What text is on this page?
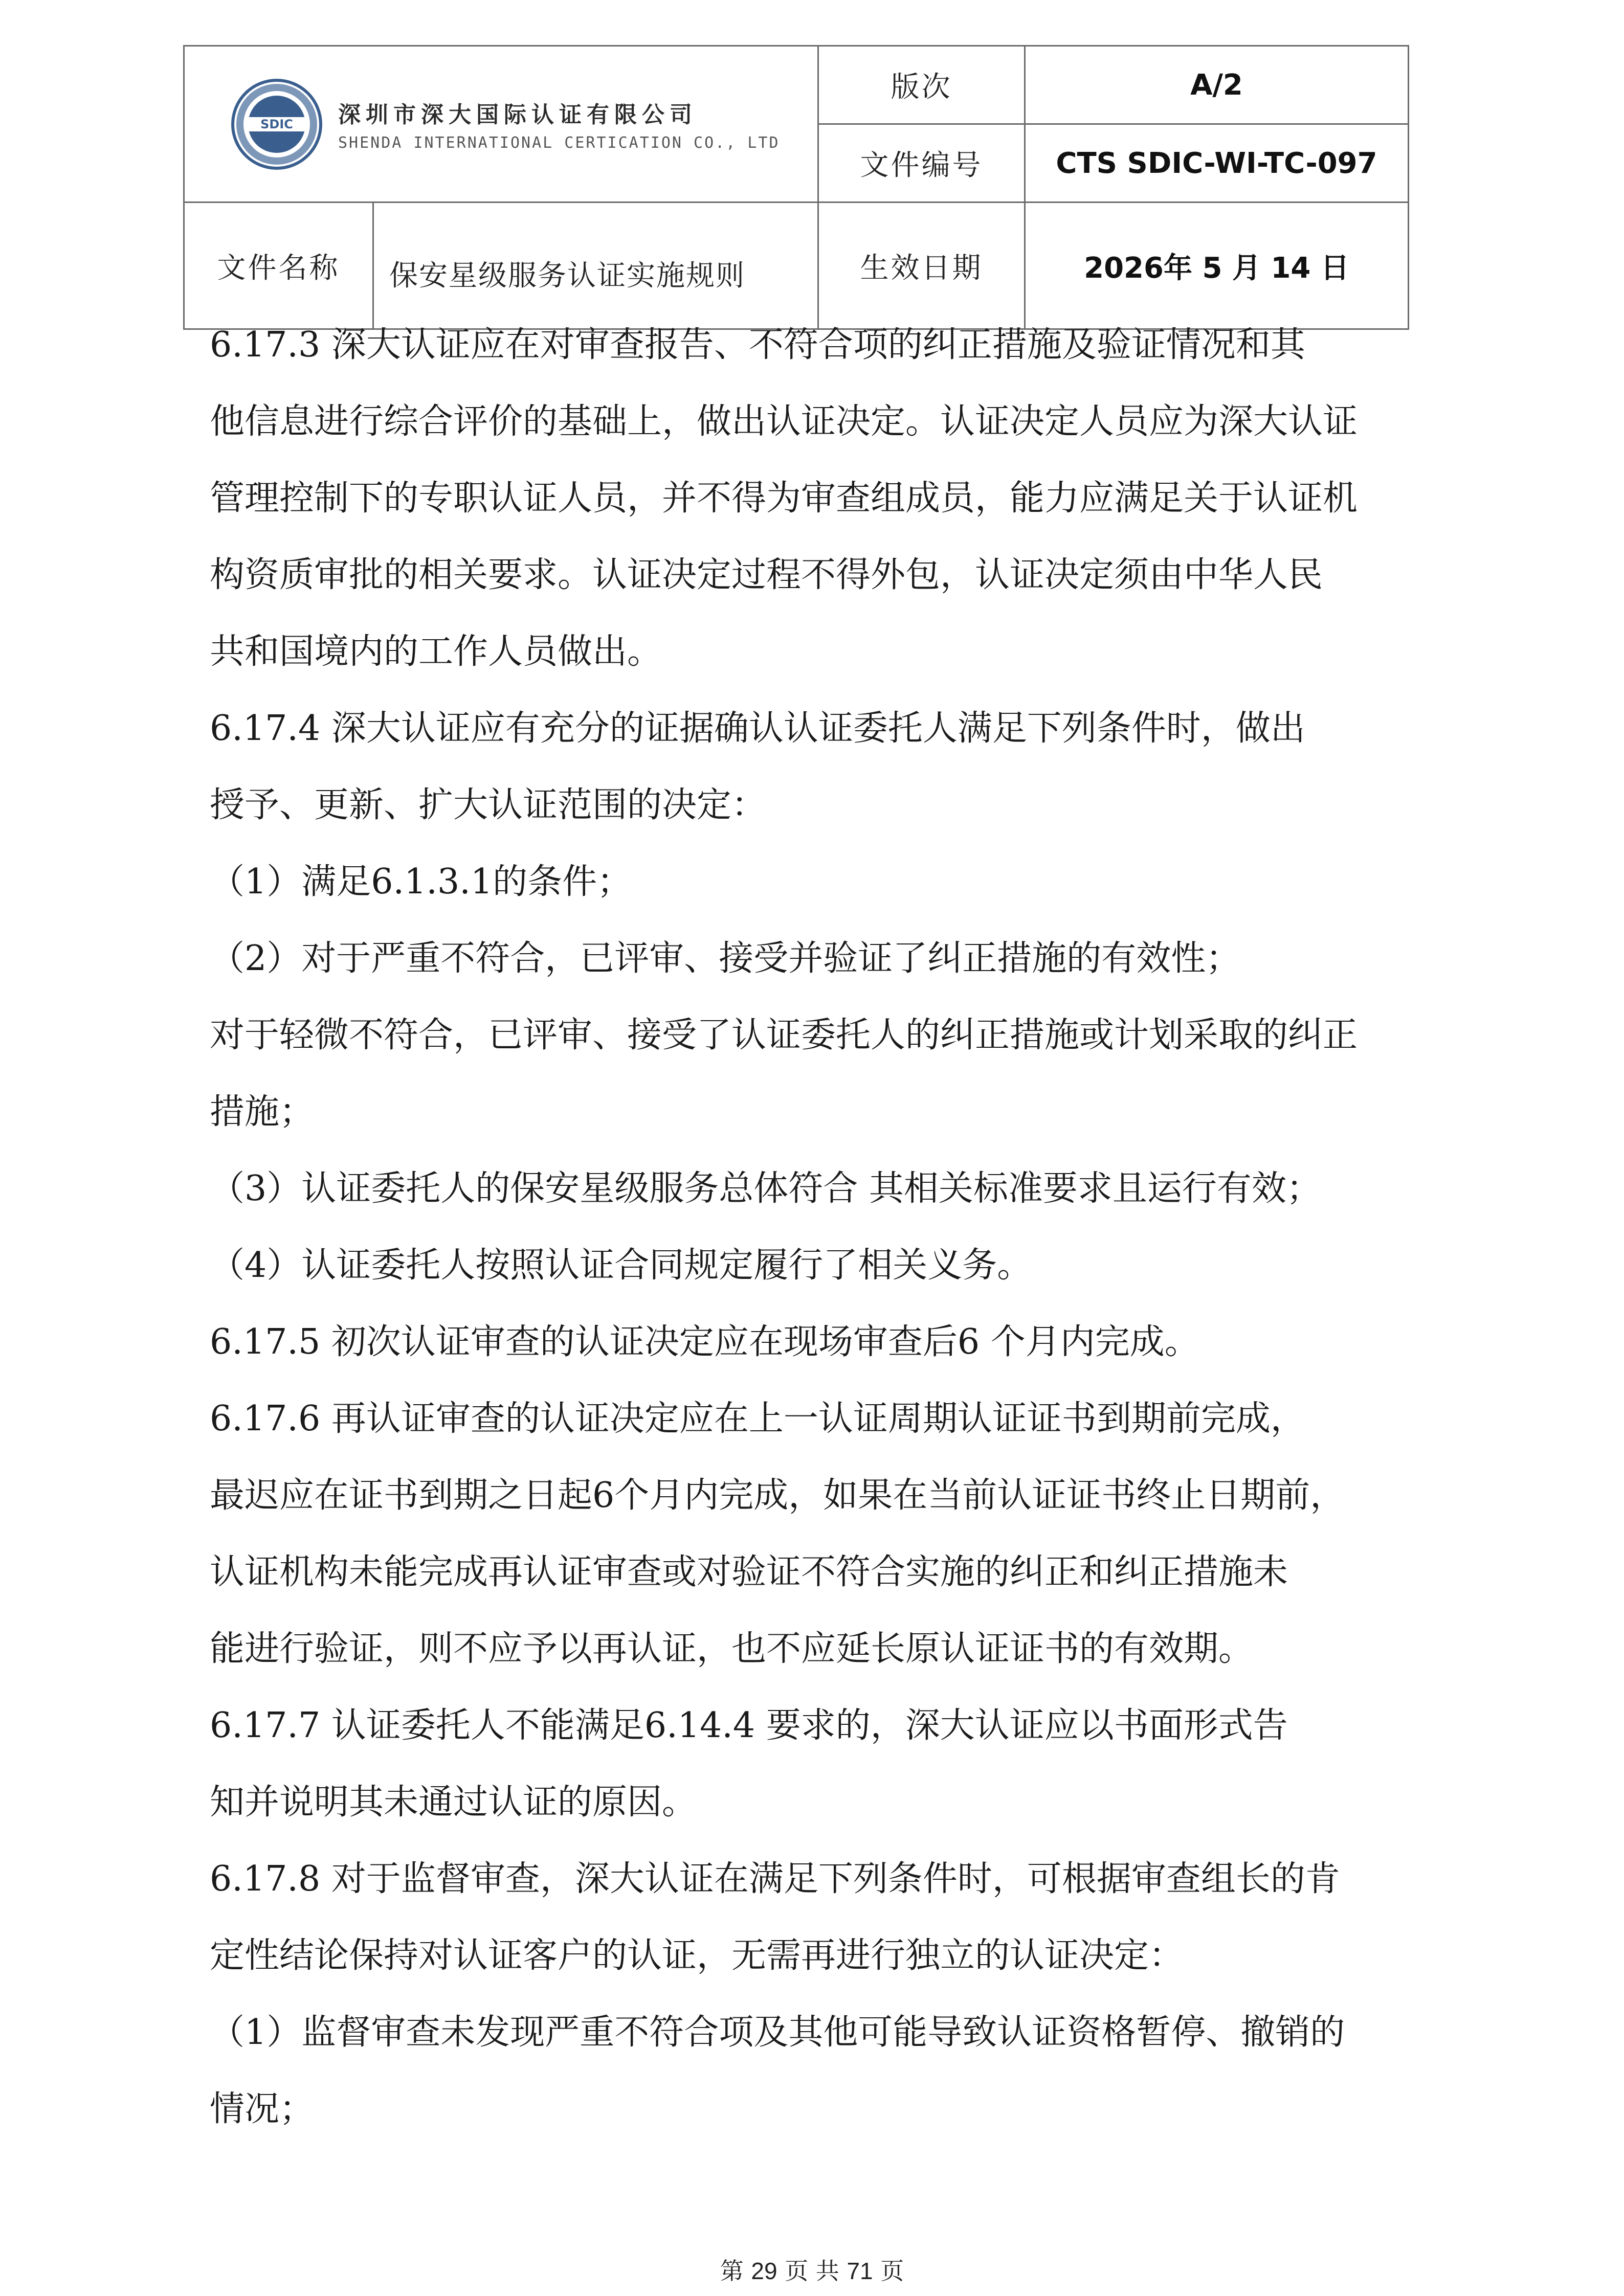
SDIC 深圳市深大国际认证有限公司
SHENDA INTERNATIONAL CERTICATION CO., LTD		版次	A/2
		文件编号	CTS SDIC-WI-TC-097
文件名称	保安星级服务认证实施规则	生效日期	2026年 5 月 14 日

6.17.3 深大认证应在对审查报告、不符合项的纠正措施及验证情况和其

他信息进行综合评价的基础上，做出认证决定。认证决定人员应为深大认证

管理控制下的专职认证人员，并不得为审查组成员，能力应满足关于认证机

构资质审批的相关要求。认证决定过程不得外包，认证决定须由中华人民

共和国境内的工作人员做出。

6.17.4 深大认证应有充分的证据确认认证委托人满足下列条件时，做出

授予、更新、扩大认证范围的决定：

（1）满足6.1.3.1的条件；

（2）对于严重不符合，已评审、接受并验证了纠正措施的有效性；

对于轻微不符合，已评审、接受了认证委托人的纠正措施或计划采取的纠正

措施；

（3）认证委托人的保安星级服务总体符合 其相关标准要求且运行有效；

（4）认证委托人按照认证合同规定履行了相关义务。

6.17.5 初次认证审查的认证决定应在现场审查后6 个月内完成。

6.17.6 再认证审查的认证决定应在上一认证周期认证证书到期前完成，

最迟应在证书到期之日起6个月内完成，如果在当前认证证书终止日期前，

认证机构未能完成再认证审查或对验证不符合实施的纠正和纠正措施未

能进行验证，则不应予以再认证，也不应延长原认证证书的有效期。

6.17.7 认证委托人不能满足6.14.4 要求的，深大认证应以书面形式告

知并说明其未通过认证的原因。

6.17.8 对于监督审查，深大认证在满足下列条件时，可根据审查组长的肯

定性结论保持对认证客户的认证，无需再进行独立的认证决定：

（1）监督审查未发现严重不符合项及其他可能导致认证资格暂停、撤销的

情况；

第 29 页 共 71 页
